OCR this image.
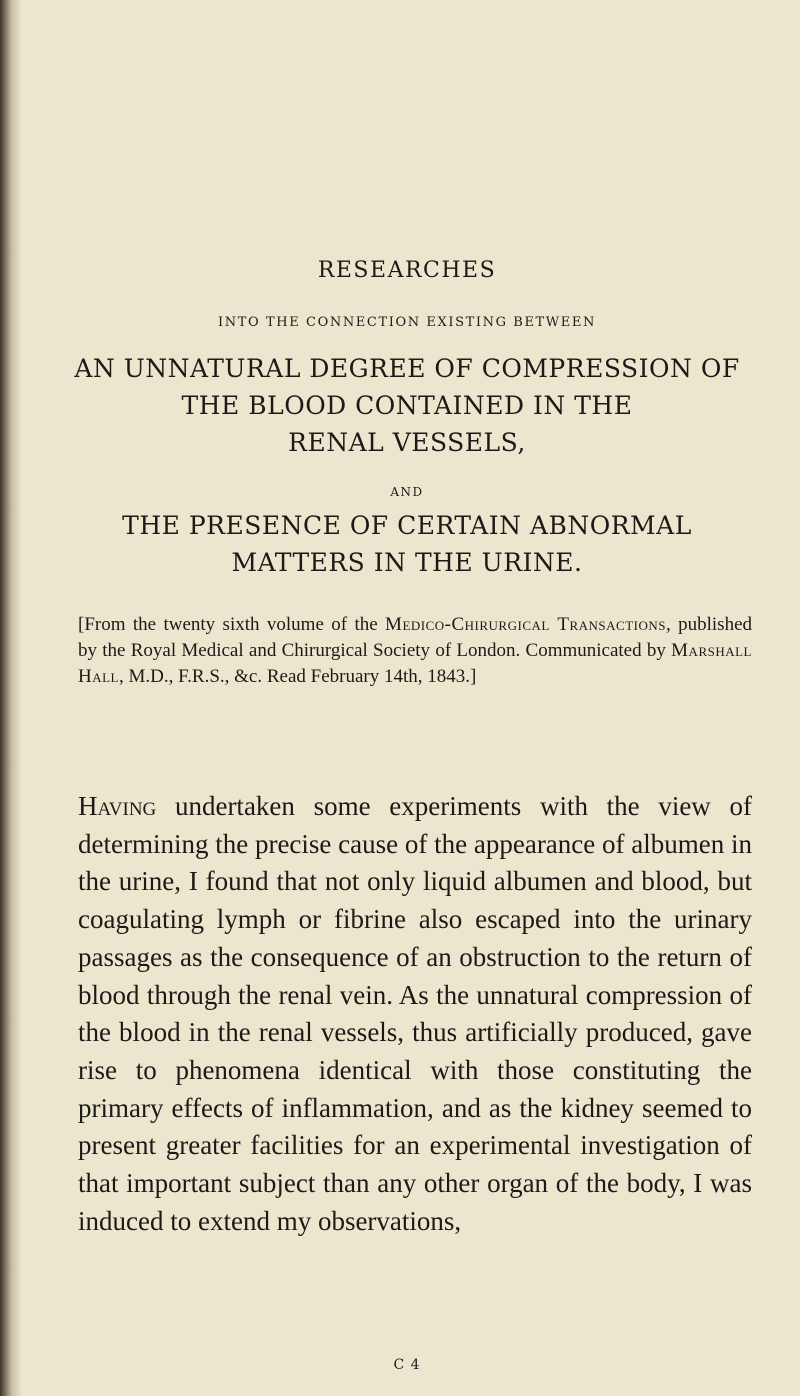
RESEARCHES
INTO THE CONNECTION EXISTING BETWEEN
AN UNNATURAL DEGREE OF COMPRESSION OF
THE BLOOD CONTAINED IN THE
RENAL VESSELS,
AND
THE PRESENCE OF CERTAIN ABNORMAL
MATTERS IN THE URINE.
[From the twenty sixth volume of the Medico-Chirurgical Transactions, published by the Royal Medical and Chirurgical Society of London. Communicated by Marshall Hall, M.D., F.R.S., &c. Read February 14th, 1843.]
Having undertaken some experiments with the view of determining the precise cause of the appearance of albumen in the urine, I found that not only liquid albumen and blood, but coagulating lymph or fibrine also escaped into the urinary passages as the consequence of an obstruction to the return of blood through the renal vein. As the unnatural compression of the blood in the renal vessels, thus artificially produced, gave rise to phenomena identical with those constituting the primary effects of inflammation, and as the kidney seemed to present greater facilities for an experimental investigation of that important subject than any other organ of the body, I was induced to extend my observations,
C 4
